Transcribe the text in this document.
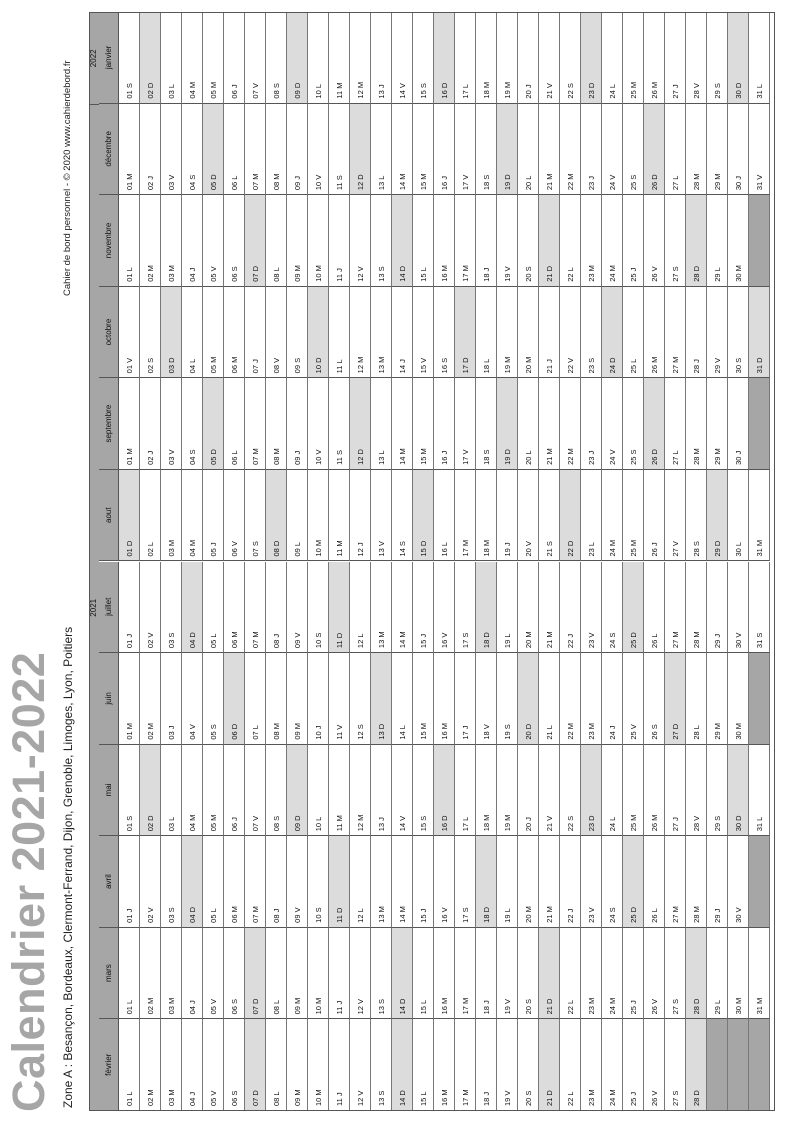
Calendrier 2021-2022 Zone A : Besançon, Bordeaux, Clermont-Ferrand, Dijon, Grenoble, Limoges, Lyon, Poitiers
Cahier de bord personnel - © 2020 www.cahierdebord.fr
2021
2022
février
01 L	02 M	03 M	04 J	05 V	06 S	07 D	08 L	09 M	10 M	11 J	12 V	13 S	14 D	15 L	16 M	17 M	18 J	19 V	20 S	21 D	22 L	23 M	24 M	25 J	26 V	27 S	28 D
mars
01 L	02 M	03 M	04 J	05 V	06 S	07 D	08 L	09 M	10 M	11 J	12 V	13 S	14 D	15 L	16 M	17 M	18 J	19 V	20 S	21 D	22 L	23 M	24 M	25 J	26 V	27 S	28 D	29 L	30 M	31 M
avril
01 J	02 V	03 S	04 D	05 L	06 M	07 M	08 J	09 V	10 S	11 D	12 L	13 M	14 M	15 J	16 V	17 S	18 D	19 L	20 M	21 M	22 J	23 V	24 S	25 D	26 L	27 M	28 M	29 J	30 V
mai
01 S	02 D	03 L	04 M	05 M	06 J	07 V	08 S	09 D	10 L	11 M	12 M	13 J	14 V	15 S	16 D	17 L	18 M	19 M	20 J	21 V	22 S	23 D	24 L	25 M	26 M	27 J	28 V	29 S	30 D	31 L
juin
01 M	02 M	03 J	04 V	05 S	06 D	07 L	08 M	09 M	10 J	11 V	12 S	13 D	14 L	15 M	16 M	17 J	18 V	19 S	20 D	21 L	22 M	23 M	24 J	25 V	26 S	27 D	28 L	29 M	30 M
juillet
01 J	02 V	03 S	04 D	05 L	06 M	07 M	08 J	09 V	10 S	11 D	12 L	13 M	14 M	15 J	16 V	17 S	18 D	19 L	20 M	21 M	22 J	23 V	24 S	25 D	26 L	27 M	28 M	29 J	30 V	31 S
aout
01 D	02 L	03 M	04 M	05 J	06 V	07 S	08 D	09 L	10 M	11 M	12 J	13 V	14 S	15 D	16 L	17 M	18 M	19 J	20 V	21 S	22 D	23 L	24 M	25 M	26 J	27 V	28 S	29 D	30 L	31 M
septembre
01 M	02 J	03 V	04 S	05 D	06 L	07 M	08 M	09 J	10 V	11 S	12 D	13 L	14 M	15 M	16 J	17 V	18 S	19 D	20 L	21 M	22 M	23 J	24 V	25 S	26 D	27 L	28 M	29 M	30 J
octobre
01 V	02 S	03 D	04 L	05 M	06 M	07 J	08 V	09 S	10 D	11 L	12 M	13 M	14 J	15 V	16 S	17 D	18 L	19 M	20 M	21 J	22 V	23 S	24 D	25 L	26 M	27 M	28 J	29 V	30 S	31 D
novembre
01 L	02 M	03 M	04 J	05 V	06 S	07 D	08 L	09 M	10 M	11 J	12 V	13 S	14 D	15 L	16 M	17 M	18 J	19 V	20 S	21 D	22 L	23 M	24 M	25 J	26 V	27 S	28 D	29 L	30 M
décembre
01 M	02 J	03 V	04 S	05 D	06 L	07 M	08 M	09 J	10 V	11 S	12 D	13 L	14 M	15 M	16 J	17 V	18 S	19 D	20 L	21 M	22 M	23 J	24 V	25 S	26 D	27 L	28 M	29 M	30 J	31 V
janvier
01 S	02 D	03 L	04 M	05 M	06 J	07 V	08 S	09 D	10 L	11 M	12 M	13 J	14 V	15 S	16 D	17 L	18 M	19 M	20 J	21 V	22 S	23 D	24 L	25 M	26 M	27 J	28 V	29 S	30 D	31 L
